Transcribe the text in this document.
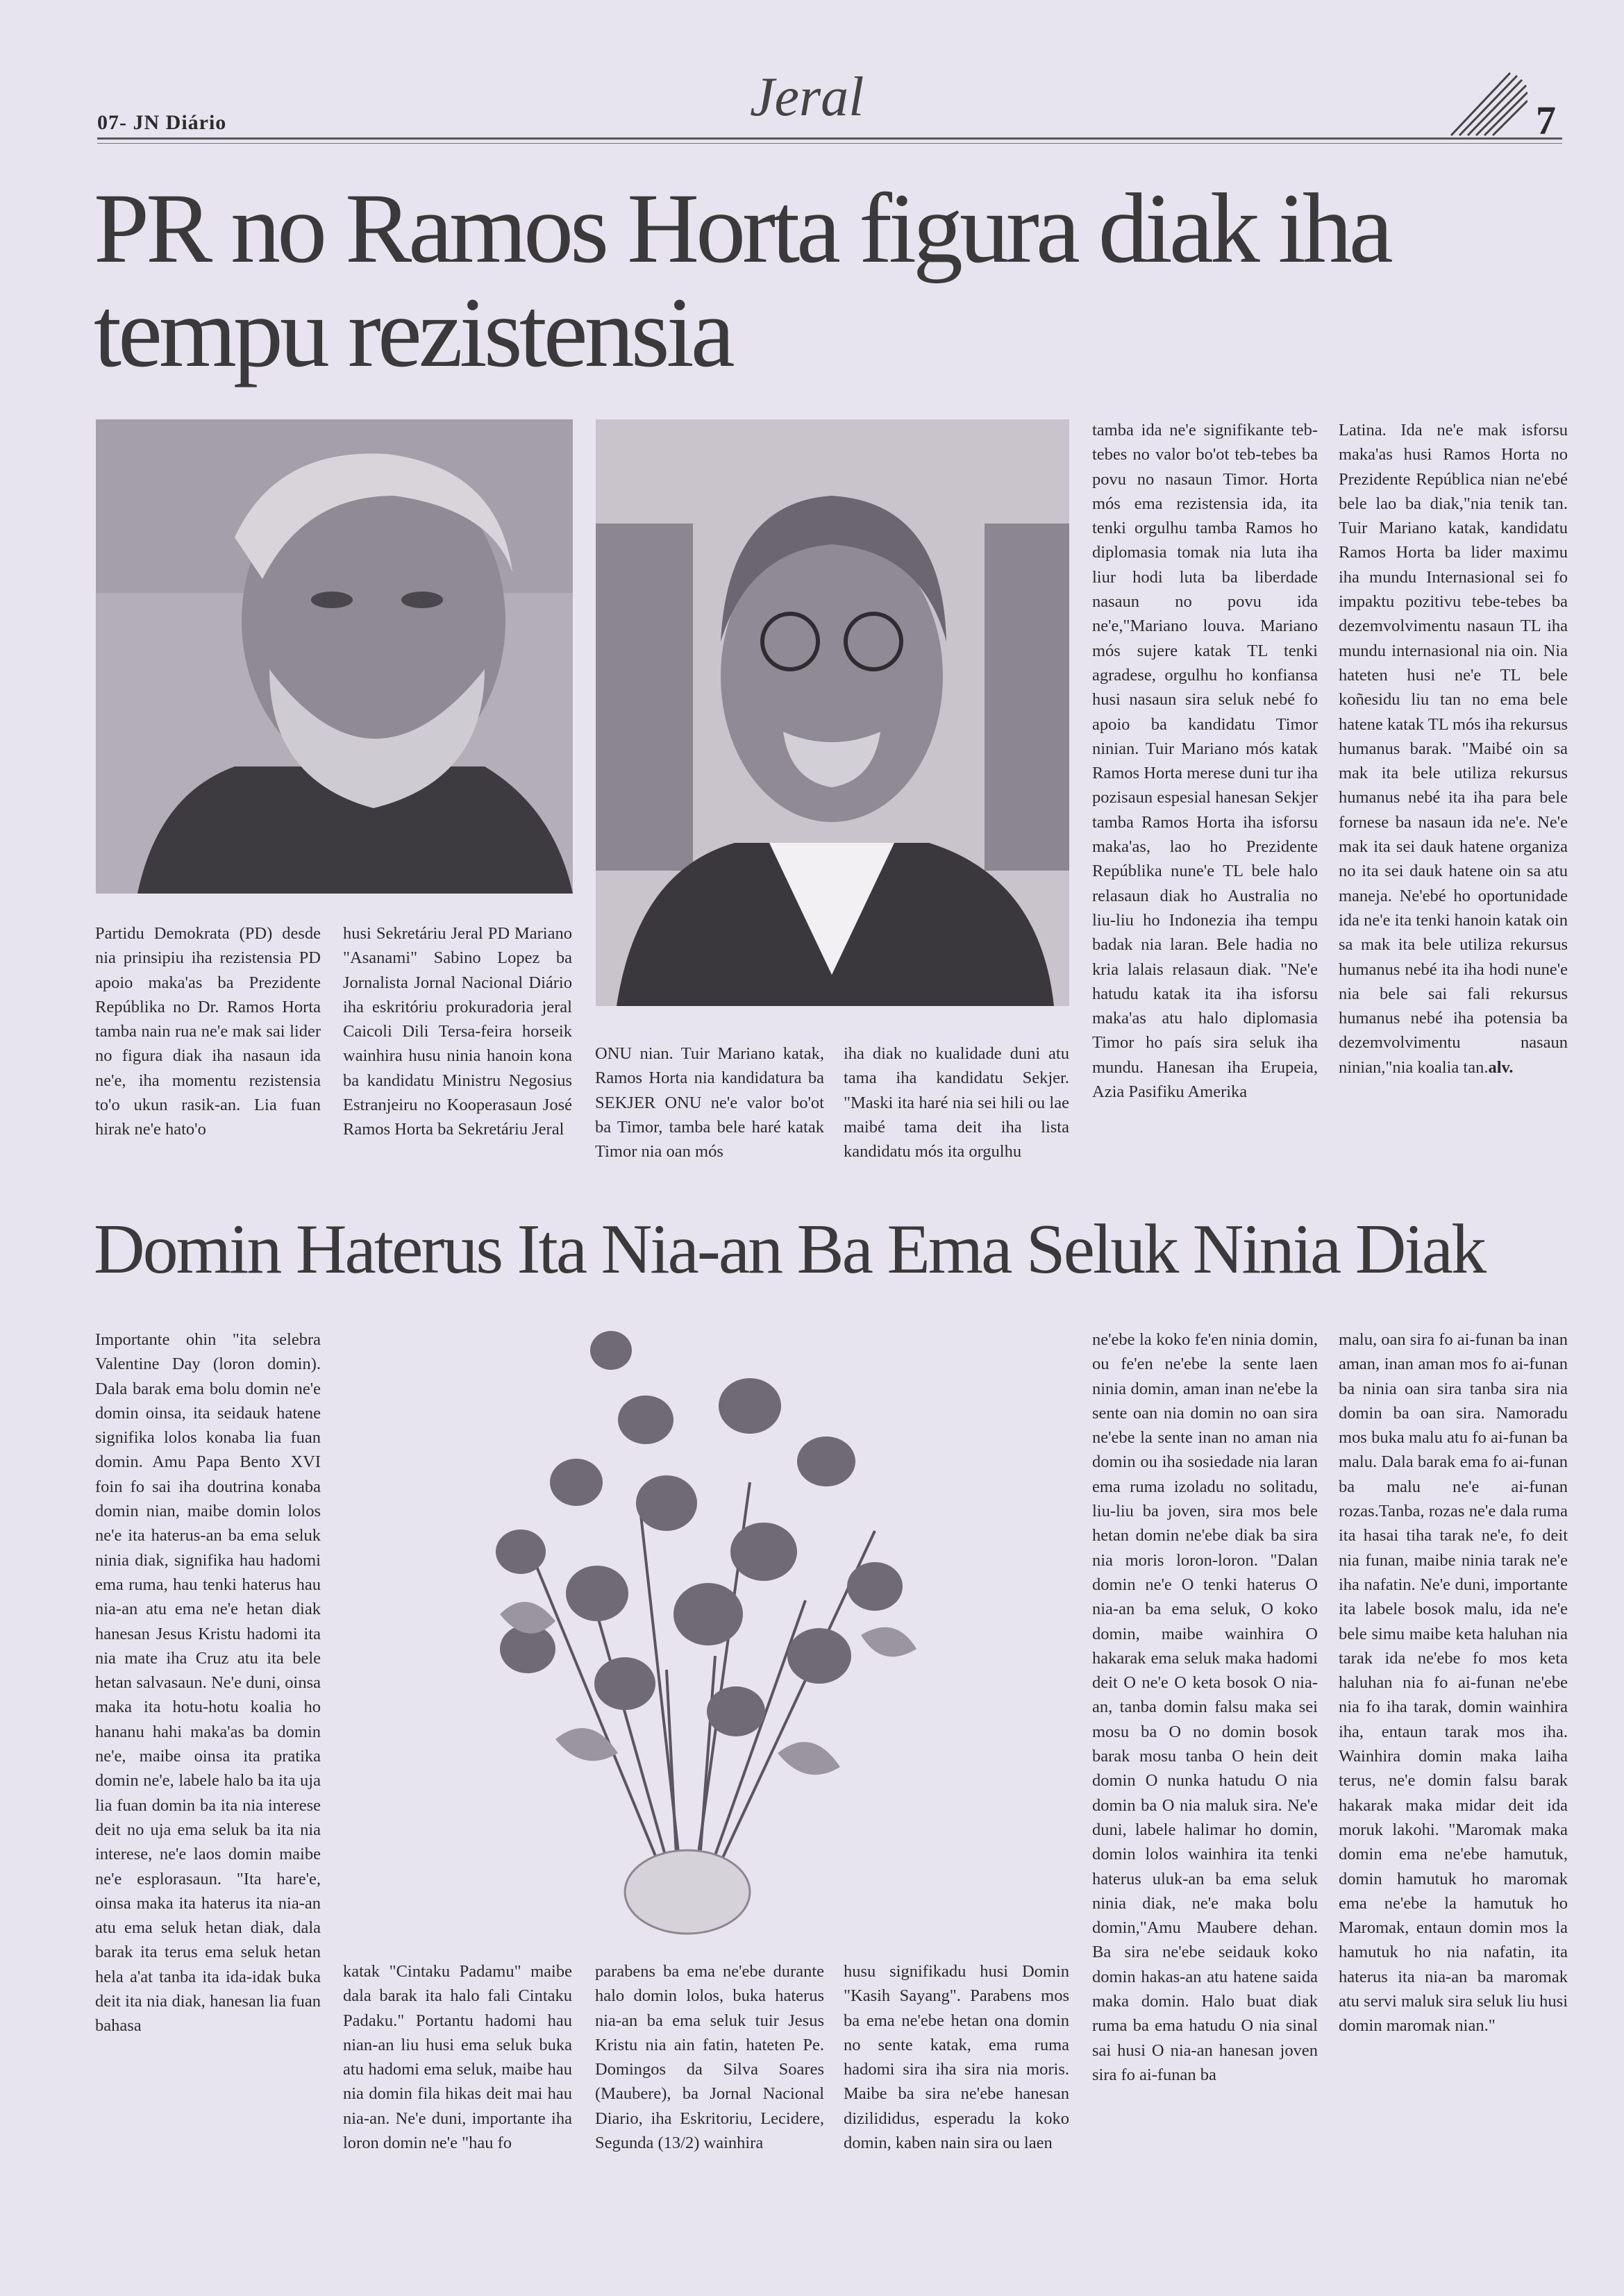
07- JN Diário	Jeral	7
PR no Ramos Horta figura diak iha tempu rezistensia
Partidu Demokrata (PD) desde nia prinsipiu iha rezistensia PD apoio maka'as ba Prezidente Repúblika no Dr. Ramos Horta tamba nain rua ne'e mak sai lider no figura diak iha nasaun ida ne'e, iha momentu rezistensia to'o ukun rasik-an. Lia fuan hirak ne'e hato'o
husi Sekretáriu Jeral PD Mariano "Asanami" Sabino Lopez ba Jornalista Jornal Nacional Diário iha eskritóriu prokuradoria jeral Caicoli Dili Tersa-feira horseik wainhira husu ninia hanoin kona ba kandidatu Ministru Negosius Estranjeiru no Kooperasaun José Ramos Horta ba Sekretáriu Jeral
ONU nian. Tuir Mariano katak, Ramos Horta nia kandidatura ba SEKJER ONU ne'e valor bo'ot ba Timor, tamba bele haré katak Timor nia oan mós
iha diak no kualidade duni atu tama iha kandidatu Sekjer. "Maski ita haré nia sei hili ou lae maibé tama deit iha lista kandidatu mós ita orgulhu
tamba ida ne'e signifikante teb-tebes no valor bo'ot teb-tebes ba povu no nasaun Timor. Horta mós ema rezistensia ida, ita tenki orgulhu tamba Ramos ho diplomasia tomak nia luta iha liur hodi luta ba liberdade nasaun no povu ida ne'e,"Mariano louva. Mariano mós sujere katak TL tenki agradese, orgulhu ho konfiansa husi nasaun sira seluk nebé fo apoio ba kandidatu Timor ninian. Tuir Mariano mós katak Ramos Horta merese duni tur iha pozisaun espesial hanesan Sekjer tamba Ramos Horta iha isforsu maka'as, lao ho Prezidente Repúblika nune'e TL bele halo relasaun diak ho Australia no liu-liu ho Indonezia iha tempu badak nia laran. Bele hadia no kria lalais relasaun diak. "Ne'e hatudu katak ita iha isforsu maka'as atu halo diplomasia Timor ho país sira seluk iha mundu. Hanesan iha Erupeia, Azia Pasifiku Amerika
Latina. Ida ne'e mak isforsu maka'as husi Ramos Horta no Prezidente República nian ne'ebé bele lao ba diak,"nia tenik tan. Tuir Mariano katak, kandidatu Ramos Horta ba lider maximu iha mundu Internasional sei fo impaktu pozitivu tebe-tebes ba dezemvolvimentu nasaun TL iha mundu internasional nia oin. Nia hateten husi ne'e TL bele koñesidu liu tan no ema bele hatene katak TL mós iha rekursus humanus barak. "Maibé oin sa mak ita bele utiliza rekursus humanus nebé ita iha para bele fornese ba nasaun ida ne'e. Ne'e mak ita sei dauk hatene organiza no ita sei dauk hatene oin sa atu maneja. Ne'ebé ho oportunidade ida ne'e ita tenki hanoin katak oin sa mak ita bele utiliza rekursus humanus nebé ita iha hodi nune'e nia bele sai fali rekursus humanus nebé iha potensia ba dezemvolvimentu nasaun ninian,"nia koalia tan.alv.
Domin Haterus Ita Nia-an Ba Ema Seluk Ninia Diak
Importante ohin "ita selebra Valentine Day (loron domin). Dala barak ema bolu domin ne'e domin oinsa, ita seidauk hatene signifika lolos konaba lia fuan domin. Amu Papa Bento XVI foin fo sai iha doutrina konaba domin nian, maibe domin lolos ne'e ita haterus-an ba ema seluk ninia diak, signifika hau hadomi ema ruma, hau tenki haterus hau nia-an atu ema ne'e hetan diak hanesan Jesus Kristu hadomi ita nia mate iha Cruz atu ita bele hetan salvasaun. Ne'e duni, oinsa maka ita hotu-hotu koalia ho hananu hahi maka'as ba domin ne'e, maibe oinsa ita pratika domin ne'e, labele halo ba ita uja lia fuan domin ba ita nia interese deit no uja ema seluk ba ita nia interese, ne'e laos domin maibe ne'e esplorasaun. "Ita hare'e, oinsa maka ita haterus ita nia-an atu ema seluk hetan diak, dala barak ita terus ema seluk hetan hela a'at tanba ita ida-idak buka deit ita nia diak, hanesan lia fuan bahasa
katak "Cintaku Padamu" maibe dala barak ita halo fali Cintaku Padaku." Portantu hadomi hau nian-an liu husi ema seluk buka atu hadomi ema seluk, maibe hau nia domin fila hikas deit mai hau nia-an. Ne'e duni, importante iha loron domin ne'e "hau fo
parabens ba ema ne'ebe durante halo domin lolos, buka haterus nia-an ba ema seluk tuir Jesus Kristu nia ain fatin, hateten Pe. Domingos da Silva Soares (Maubere), ba Jornal Nacional Diario, iha Eskritoriu, Lecidere, Segunda (13/2) wainhira
husu signifikadu husi Domin "Kasih Sayang". Parabens mos ba ema ne'ebe hetan ona domin no sente katak, ema ruma hadomi sira iha sira nia moris. Maibe ba sira ne'ebe hanesan dizilididus, esperadu la koko domin, kaben nain sira ou laen
ne'ebe la koko fe'en ninia domin, ou fe'en ne'ebe la sente laen ninia domin, aman inan ne'ebe la sente oan nia domin no oan sira ne'ebe la sente inan no aman nia domin ou iha sosiedade nia laran ema ruma izoladu no solitadu, liu-liu ba joven, sira mos bele hetan domin ne'ebe diak ba sira nia moris loron-loron. "Dalan domin ne'e O tenki haterus O nia-an ba ema seluk, O koko domin, maibe wainhira O hakarak ema seluk maka hadomi deit O ne'e O keta bosok O nia-an, tanba domin falsu maka sei mosu ba O no domin bosok barak mosu tanba O hein deit domin O nunka hatudu O nia domin ba O nia maluk sira. Ne'e duni, labele halimar ho domin, domin lolos wainhira ita tenki haterus uluk-an ba ema seluk ninia diak, ne'e maka bolu domin,"Amu Maubere dehan. Ba sira ne'ebe seidauk koko domin hakas-an atu hatene saida maka domin. Halo buat diak ruma ba ema hatudu O nia sinal sai husi O nia-an hanesan joven sira fo ai-funan ba
malu, oan sira fo ai-funan ba inan aman, inan aman mos fo ai-funan ba ninia oan sira tanba sira nia domin ba oan sira. Namoradu mos buka malu atu fo ai-funan ba malu. Dala barak ema fo ai-funan ba malu ne'e ai-funan rozas.Tanba, rozas ne'e dala ruma ita hasai tiha tarak ne'e, fo deit nia funan, maibe ninia tarak ne'e iha nafatin. Ne'e duni, importante ita labele bosok malu, ida ne'e bele simu maibe keta haluhan nia tarak ida ne'ebe fo mos keta haluhan nia fo ai-funan ne'ebe nia fo iha tarak, domin wainhira iha, entaun tarak mos iha. Wainhira domin maka laiha terus, ne'e domin falsu barak hakarak maka midar deit ida moruk lakohi. "Maromak maka domin ema ne'ebe hamutuk, domin hamutuk ho maromak ema ne'ebe la hamutuk ho Maromak, entaun domin mos la hamutuk ho nia nafatin, ita haterus ita nia-an ba maromak atu servi maluk sira seluk liu husi domin maromak nian."
